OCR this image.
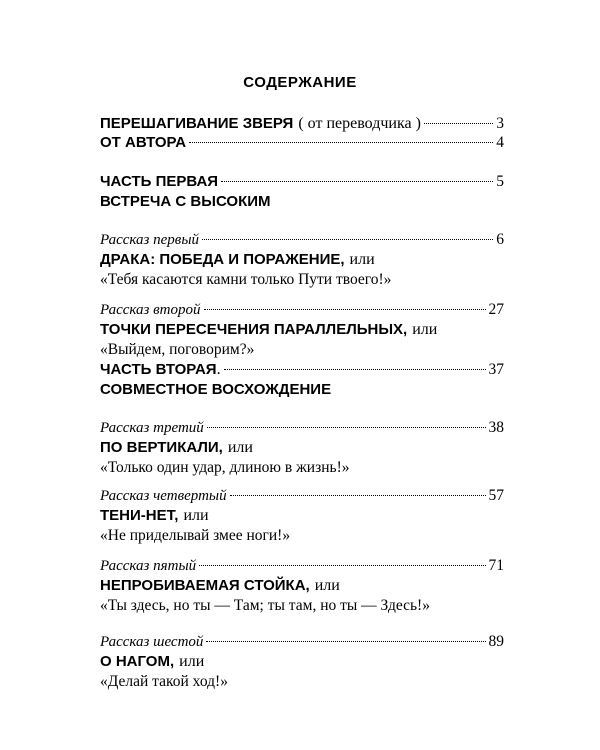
СОДЕРЖАНИЕ
ПЕРЕШАГИВАНИЕ ЗВЕРЯ ( от переводчика )	3
ОТ АВТОРА	4
ЧАСТЬ ПЕРВАЯ	5
ВСТРЕЧА С ВЫСОКИМ
Рассказ первый	6
ДРАКА: ПОБЕДА И ПОРАЖЕНИЕ, или
«Тебя касаются камни только Пути твоего!»
Рассказ второй	27
ТОЧКИ ПЕРЕСЕЧЕНИЯ ПАРАЛЛЕЛЬНЫХ, или
«Выйдем, поговорим?»
ЧАСТЬ ВТОРАЯ .	37
СОВМЕСТНОЕ ВОСХОЖДЕНИЕ
Рассказ третий	38
ПО ВЕРТИКАЛИ, или
«Только один удар, длиною в жизнь!»
Рассказ четвертый	57
ТЕНИ-НЕТ, или
«Не приделывай змее ноги!»
Рассказ пятый	71
НЕПРОБИВАЕМАЯ СТОЙКА, или
«Ты здесь, но ты — Там; ты там, но ты — Здесь!»
Рассказ шестой	89
О НАГОМ, или
«Делай такой ход!»
